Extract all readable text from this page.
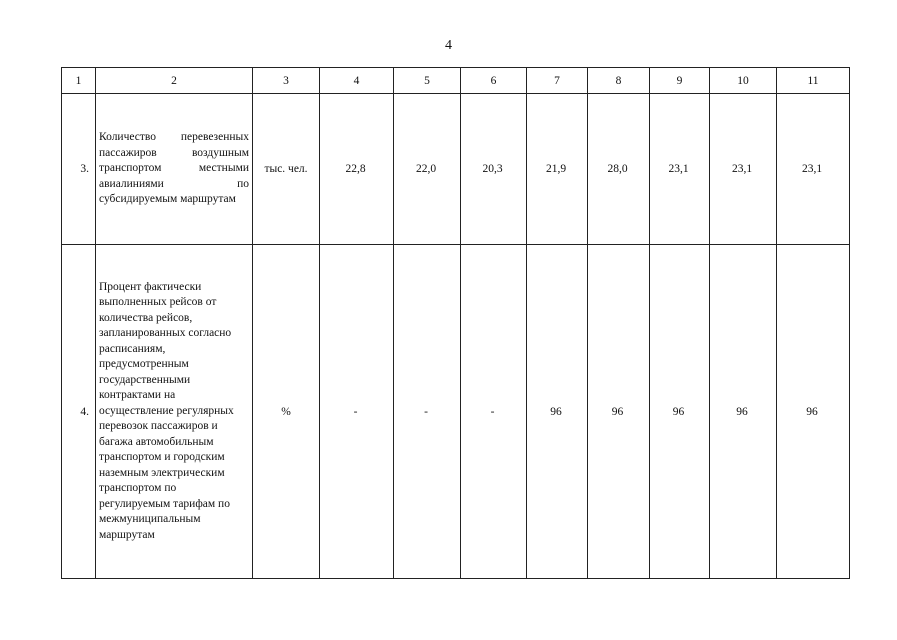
4
1	2	3	4	5	6	7	8	9	10	11
3.	Количество перевезенных пассажиров воздушным транспортом местными авиалиниями по субсидируемым маршрутам	тыс. чел.	22,8	22,0	20,3	21,9	28,0	23,1	23,1	23,1
4.	Процент фактически выполненных рейсов от количества рейсов, запланированных согласно расписаниям, предусмотренным государственными контрактами на осуществление регулярных перевозок пассажиров и багажа автомобильным транспортом и городским наземным электрическим транспортом по регулируемым тарифам по межмуниципальным маршрутам	%	-	-	-	96	96	96	96	96
